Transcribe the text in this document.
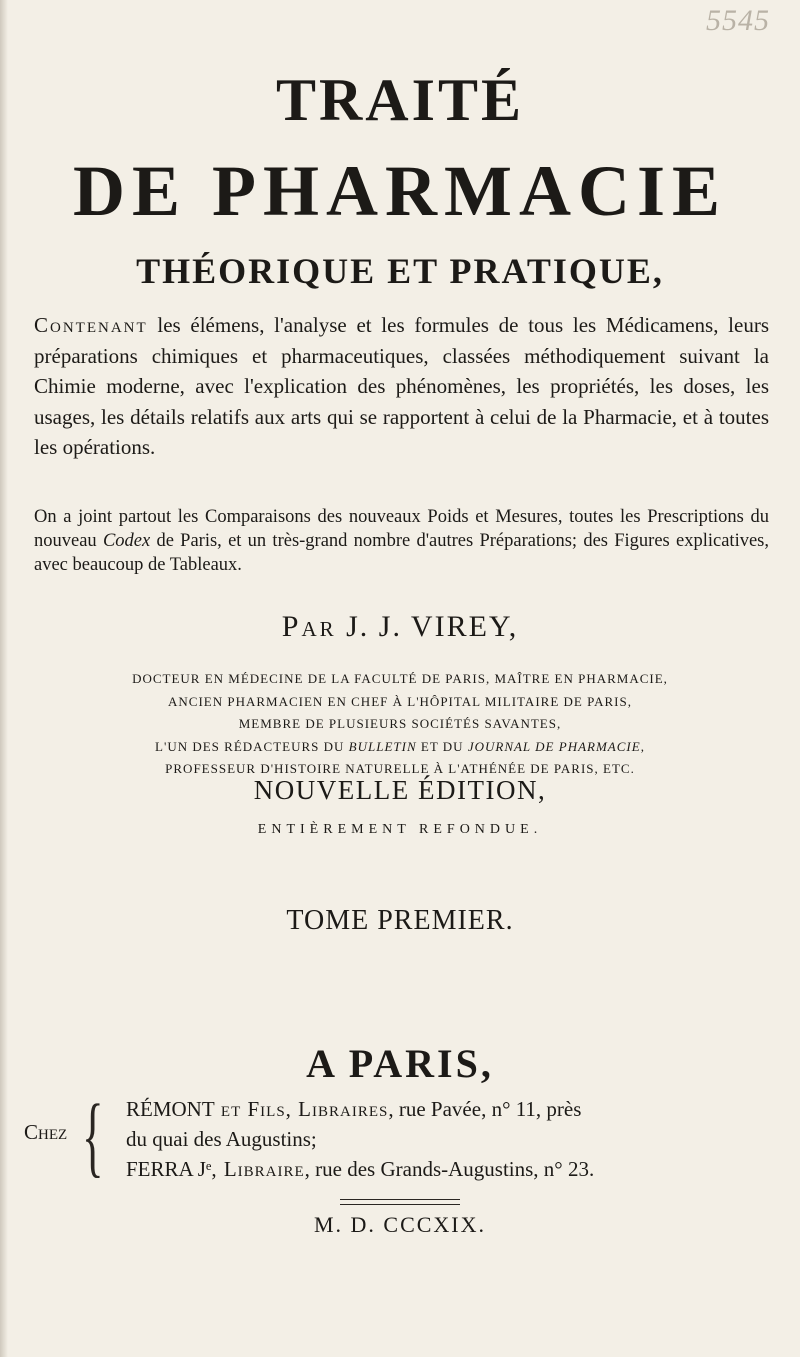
5545
TRAITÉ
DE PHARMACIE
THÉORIQUE ET PRATIQUE,
Contenant les élémens, l'analyse et les formules de tous les Médicamens, leurs préparations chimiques et pharmaceutiques, classées méthodiquement suivant la Chimie moderne, avec l'explication des phénomènes, les propriétés, les doses, les usages, les détails relatifs aux arts qui se rapportent à celui de la Pharmacie, et à toutes les opérations.
On a joint partout les Comparaisons des nouveaux Poids et Mesures, toutes les Prescriptions du nouveau Codex de Paris, et un très-grand nombre d'autres Préparations; des Figures explicatives, avec beaucoup de Tableaux.
Par J. J. VIREY,
DOCTEUR EN MÉDECINE DE LA FACULTÉ DE PARIS, MAÎTRE EN PHARMACIE,
ANCIEN PHARMACIEN EN CHEF À L'HÔPITAL MILITAIRE DE PARIS,
MEMBRE DE PLUSIEURS SOCIÉTÉS SAVANTES,
L'UN DES RÉDACTEURS DU BULLETIN ET DU JOURNAL DE PHARMACIE,
PROFESSEUR D'HISTOIRE NATURELLE À L'ATHÉNÉE DE PARIS, ETC.
NOUVELLE ÉDITION,
ENTIÈREMENT REFONDUE.
TOME PREMIER.
A PARIS,
Chez { RÉMONT et Fils, Libraires, rue Pavée, n° 11, près
du quai des Augustins;
FERRA Jᵉ, Libraire, rue des Grands-Augustins, n° 23.
M. D. CCCXIX.
